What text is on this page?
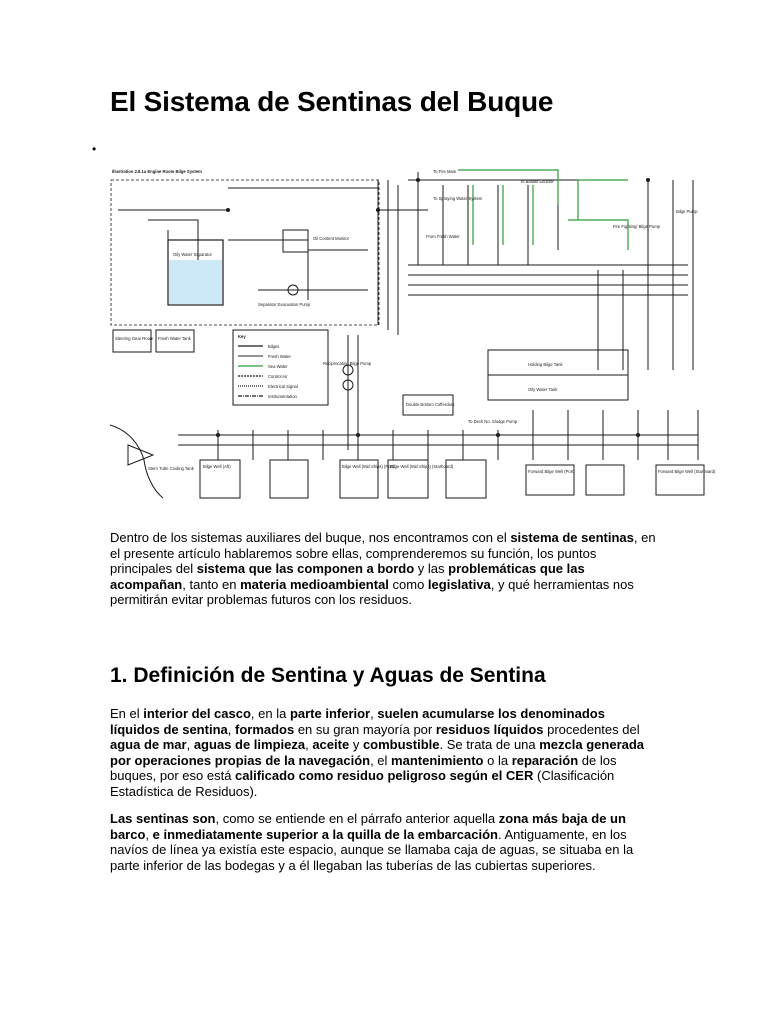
El Sistema de Sentinas del Buque
•
Illustration 2.8.1a Engine Room Bilge System	To Fire Main
To Ballast Eductor
To Spraying Water System
From Fresh Water
Oil Content Monitor
Oily Water Separator
Bilge Pump
Fire Fighting/ Bilge Pump
Separator Evacuation Pump
Holding Bilge Tank
Oily Water Tank
Steering Gear Room Fresh Water Tank
Reciprocating Bilge Pump
Double Bottom Cofferdam
Stern Tube Cooling Tank Bilge Well (Aft)	Bilge Well (Mid Ships) (Port)
Bilge Well (Mid Ships) (Starboard)
Forward Bilge Well (Port)	Forward Bilge Well (Starboard)
To Deck No. Sludge Pump
Key
Bilges
Fresh Water
Sea Water
Control Air
Electrical Signal
Instrumentation

Dentro de los sistemas auxiliares del buque, nos encontramos con el sistema de sentinas, en el presente artículo hablaremos sobre ellas, comprenderemos su función, los puntos principales del sistema que las componen a bordo y las problemáticas que las acompañan, tanto en materia medioambiental como legislativa, y qué herramientas nos permitirán evitar problemas futuros con los residuos.

1. Definición de Sentina y Aguas de Sentina

En el interior del casco, en la parte inferior, suelen acumularse los denominados líquidos de sentina, formados en su gran mayoría por residuos líquidos procedentes del agua de mar, aguas de limpieza, aceite y combustible. Se trata de una mezcla generada por operaciones propias de la navegación, el mantenimiento o la reparación de los buques, por eso está calificado como residuo peligroso según el CER (Clasificación Estadística de Residuos).

Las sentinas son, como se entiende en el párrafo anterior aquella zona más baja de un barco, e inmediatamente superior a la quilla de la embarcación. Antiguamente, en los navíos de línea ya existía este espacio, aunque se llamaba caja de aguas, se situaba en la parte inferior de las bodegas y a él llegaban las tuberías de las cubiertas superiores.
